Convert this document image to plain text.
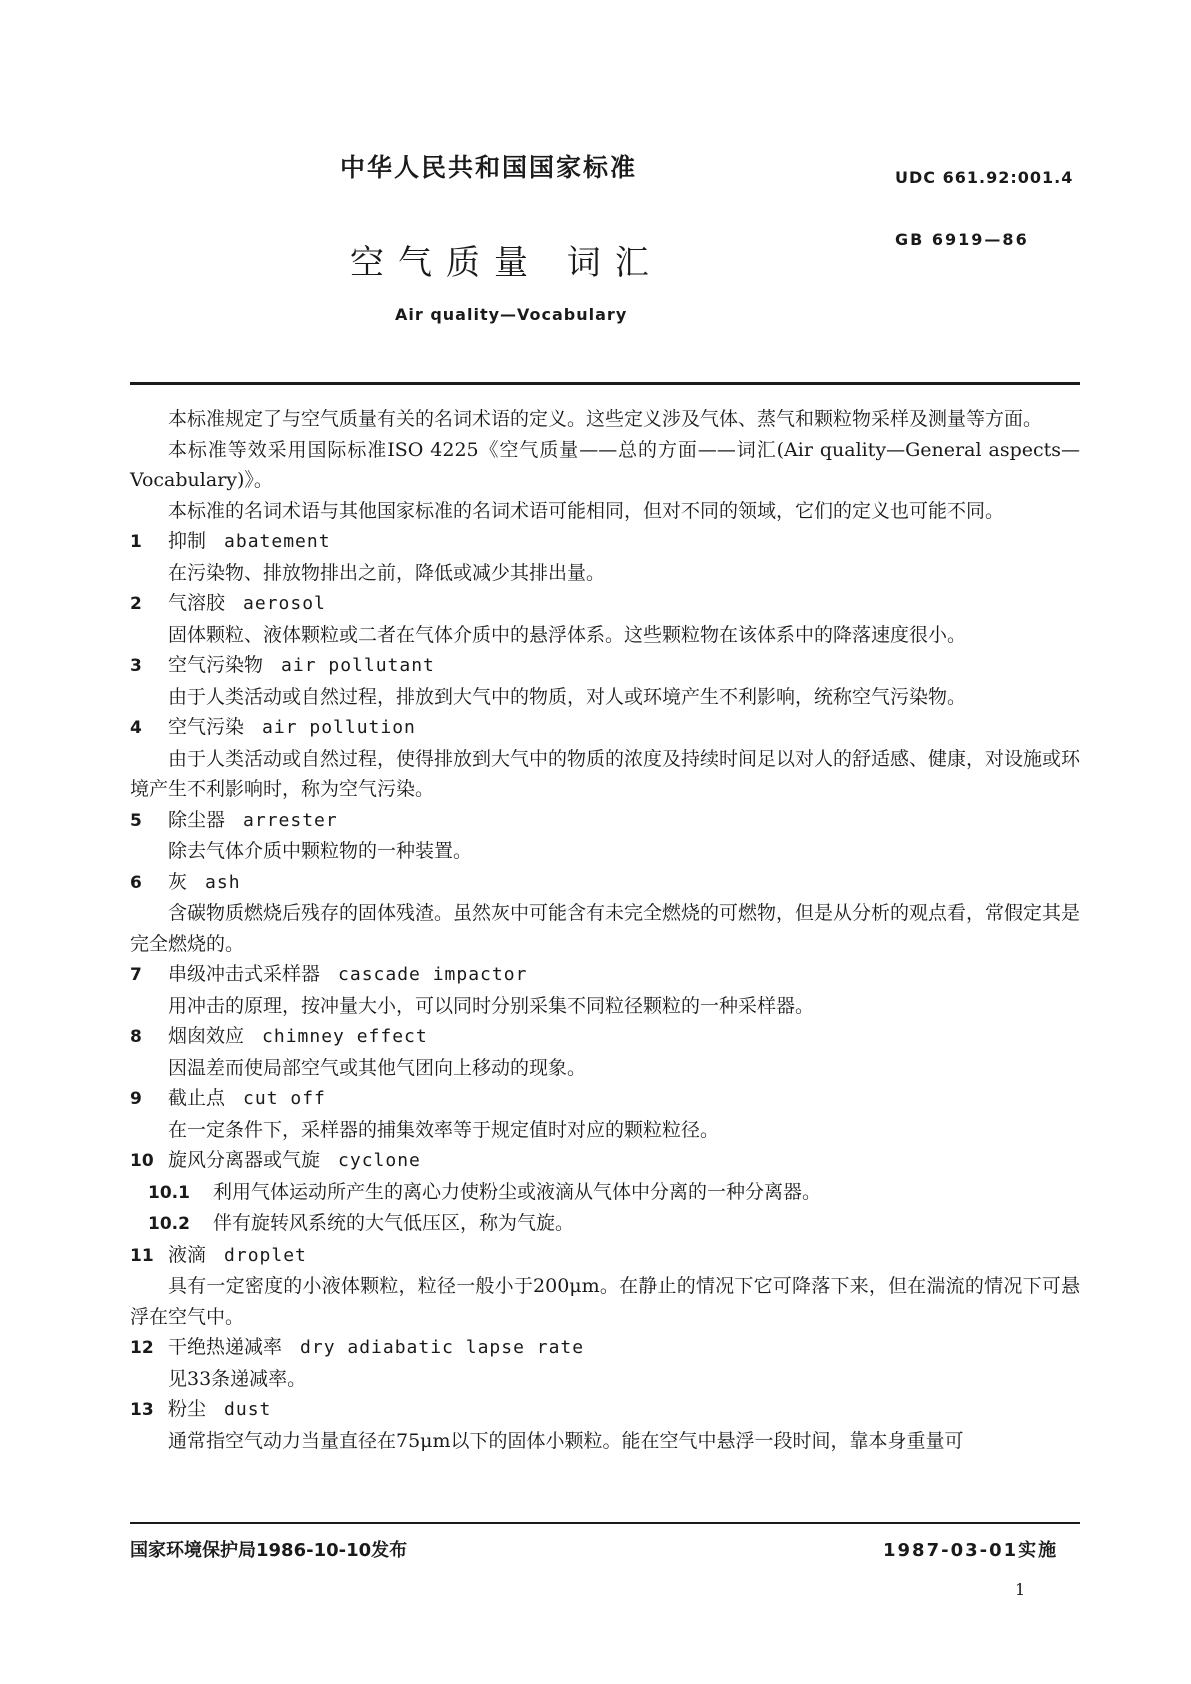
中华人民共和国国家标准	UDC 661.92:001.4
空气质量 词汇
GB 6919—86
Air quality—Vocabulary

本标准规定了与空气质量有关的名词术语的定义。这些定义涉及气体、蒸气和颗粒物采样及测量等方面。

本标准等效采用国际标准ISO 4225《空气质量——总的方面——词汇(Air quality—General aspects—Vocabulary)》。

本标准的名词术语与其他国家标准的名词术语可能相同，但对不同的领域，它们的定义也可能不同。

1	抑制 abatement

在污染物、排放物排出之前，降低或减少其排出量。

2	气溶胶 aerosol

固体颗粒、液体颗粒或二者在气体介质中的悬浮体系。这些颗粒物在该体系中的降落速度很小。

3	空气污染物 air pollutant

由于人类活动或自然过程，排放到大气中的物质，对人或环境产生不利影响，统称空气污染物。

4	空气污染 air pollution

由于人类活动或自然过程，使得排放到大气中的物质的浓度及持续时间足以对人的舒适感、健康，对设施或环境产生不利影响时，称为空气污染。

5	除尘器 arrester

除去气体介质中颗粒物的一种装置。

6	灰 ash

含碳物质燃烧后残存的固体残渣。虽然灰中可能含有未完全燃烧的可燃物，但是从分析的观点看，常假定其是完全燃烧的。

7	串级冲击式采样器 cascade impactor

用冲击的原理，按冲量大小，可以同时分别采集不同粒径颗粒的一种采样器。

8	烟囱效应 chimney effect

因温差而使局部空气或其他气团向上移动的现象。

9	截止点 cut off

在一定条件下，采样器的捕集效率等于规定值时对应的颗粒粒径。

10 旋风分离器或气旋 cyclone
10.1	利用气体运动所产生的离心力使粉尘或液滴从气体中分离的一种分离器。
10.2	伴有旋转风系统的大气低压区，称为气旋。
11 液滴 droplet

具有一定密度的小液体颗粒，粒径一般小于200μm。在静止的情况下它可降落下来，但在湍流的情况下可悬浮在空气中。

12 干绝热递减率 dry adiabatic lapse rate

见33条递减率。

13 粉尘 dust

通常指空气动力当量直径在75μm以下的固体小颗粒。能在空气中悬浮一段时间，靠本身重量可

国家环境保护局1986-10-10发布	1987-03-01实施
1
